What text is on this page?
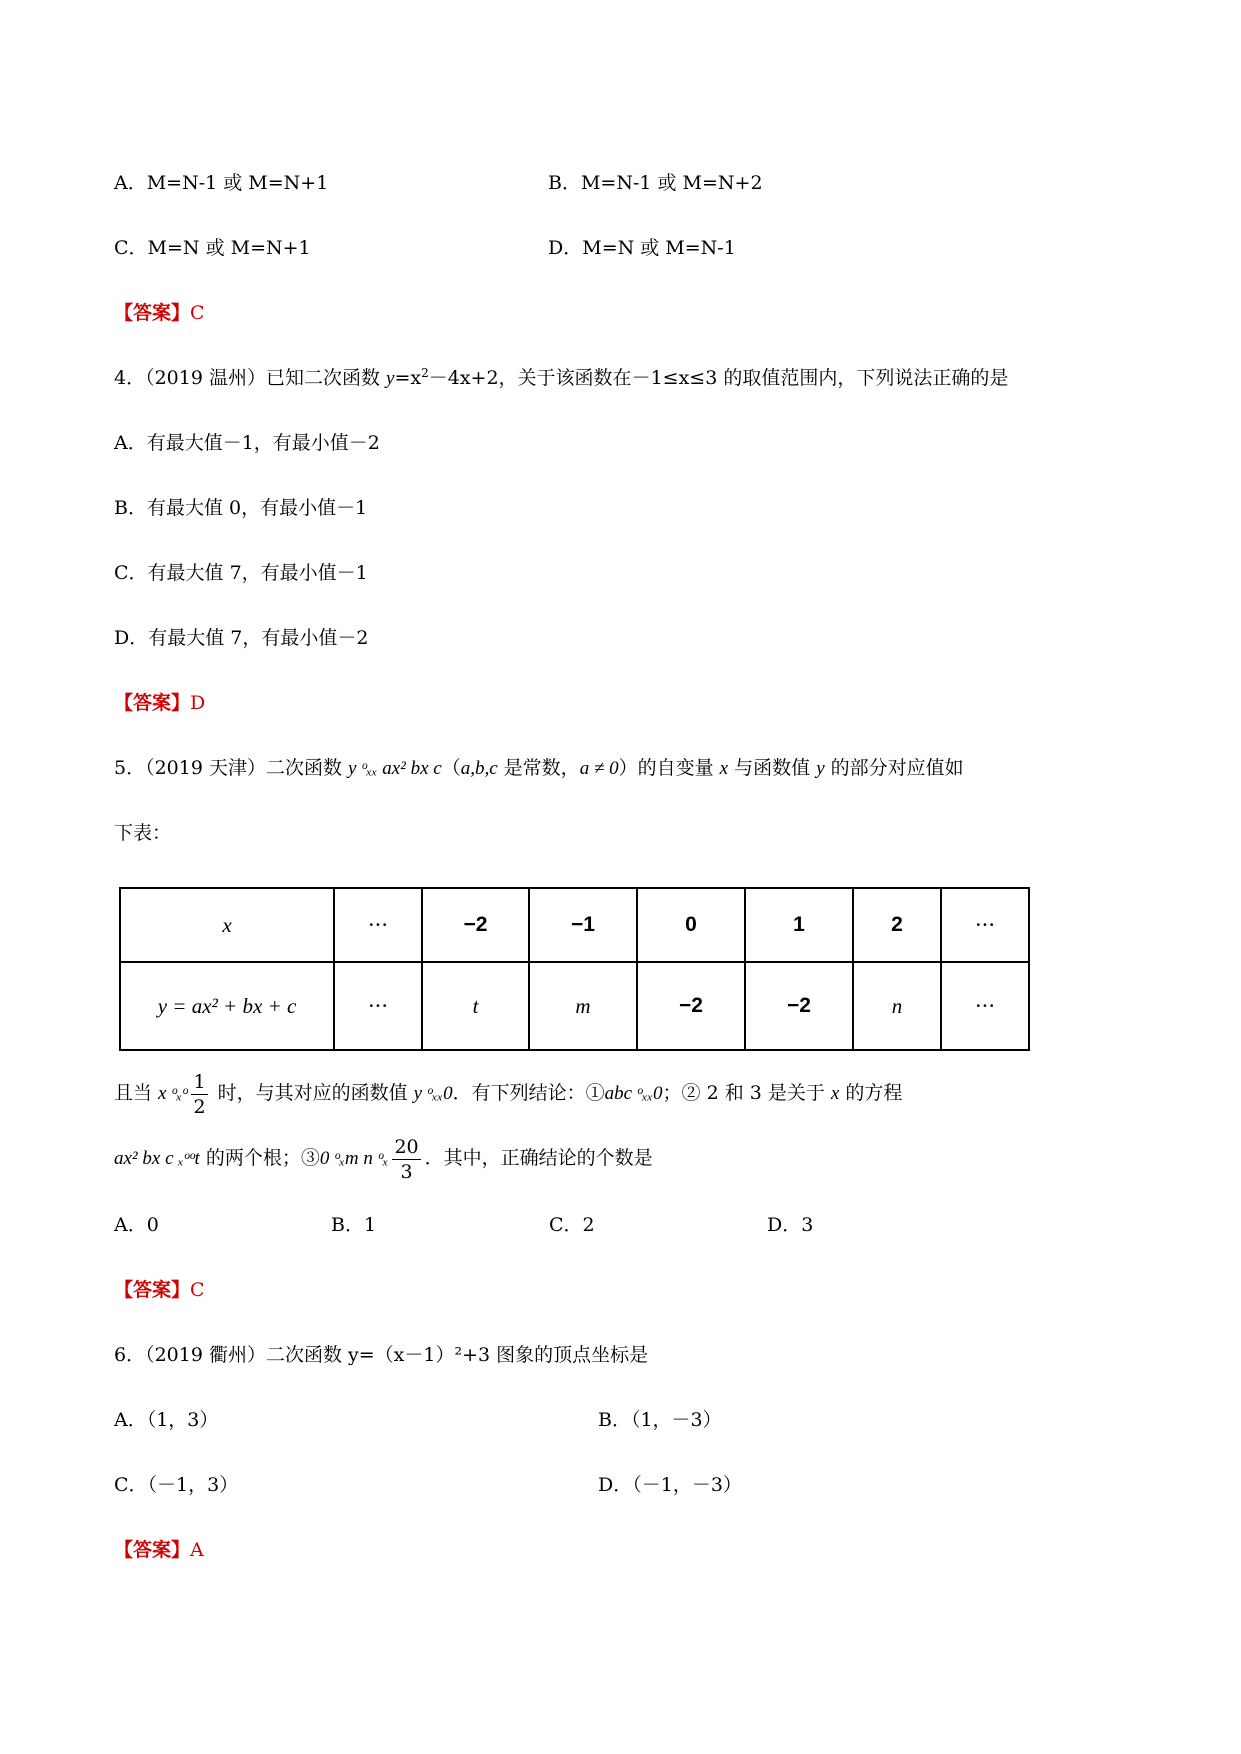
A．M=N-1 或 M=N+1	B．M=N-1 或 M=N+2
C．M=N 或 M=N+1	D．M=N 或 M=N-1
【答案】C
4．（2019 温州）已知二次函数 $y=x^2-4x+2$，关于该函数在－1≤x≤3 的取值范围内，下列说法正确的是
A．有最大值－1，有最小值－2
B．有最大值 0，有最小值－1
C．有最大值 7，有最小值－1
D．有最大值 7，有最小值－2
【答案】D
5．（2019 天津）二次函数 y ᵒₓₓ ax² bx c（a,b,c 是常数，a ≠ 0）的自变量 x 与函数值 y 的部分对应值如
下表：
x	···	−2	−1	0	1	2	···
y = ax² + bx + c	···	t	m	−2	−2	n	···
且当 x ᵒₓᵒ $\frac{1}{2}$ 时，与其对应的函数值 y ᵒₓₓ0．有下列结论：①abc ᵒₓₓ0；② 2 和 3 是关于 x 的方程
ax² bx c ₓᵒᵒt 的两个根；③0 ᵒₓm n ᵒₓ $\frac{20}{3}$ ．其中，正确结论的个数是
A．0	B．1	C．2	D．3
【答案】C
6．（2019 衢州）二次函数 y=（x－1）²+3 图象的顶点坐标是
A．（1，3）	B．（1，－3）
C．（－1，3）	D．（－1，－3）
【答案】A
